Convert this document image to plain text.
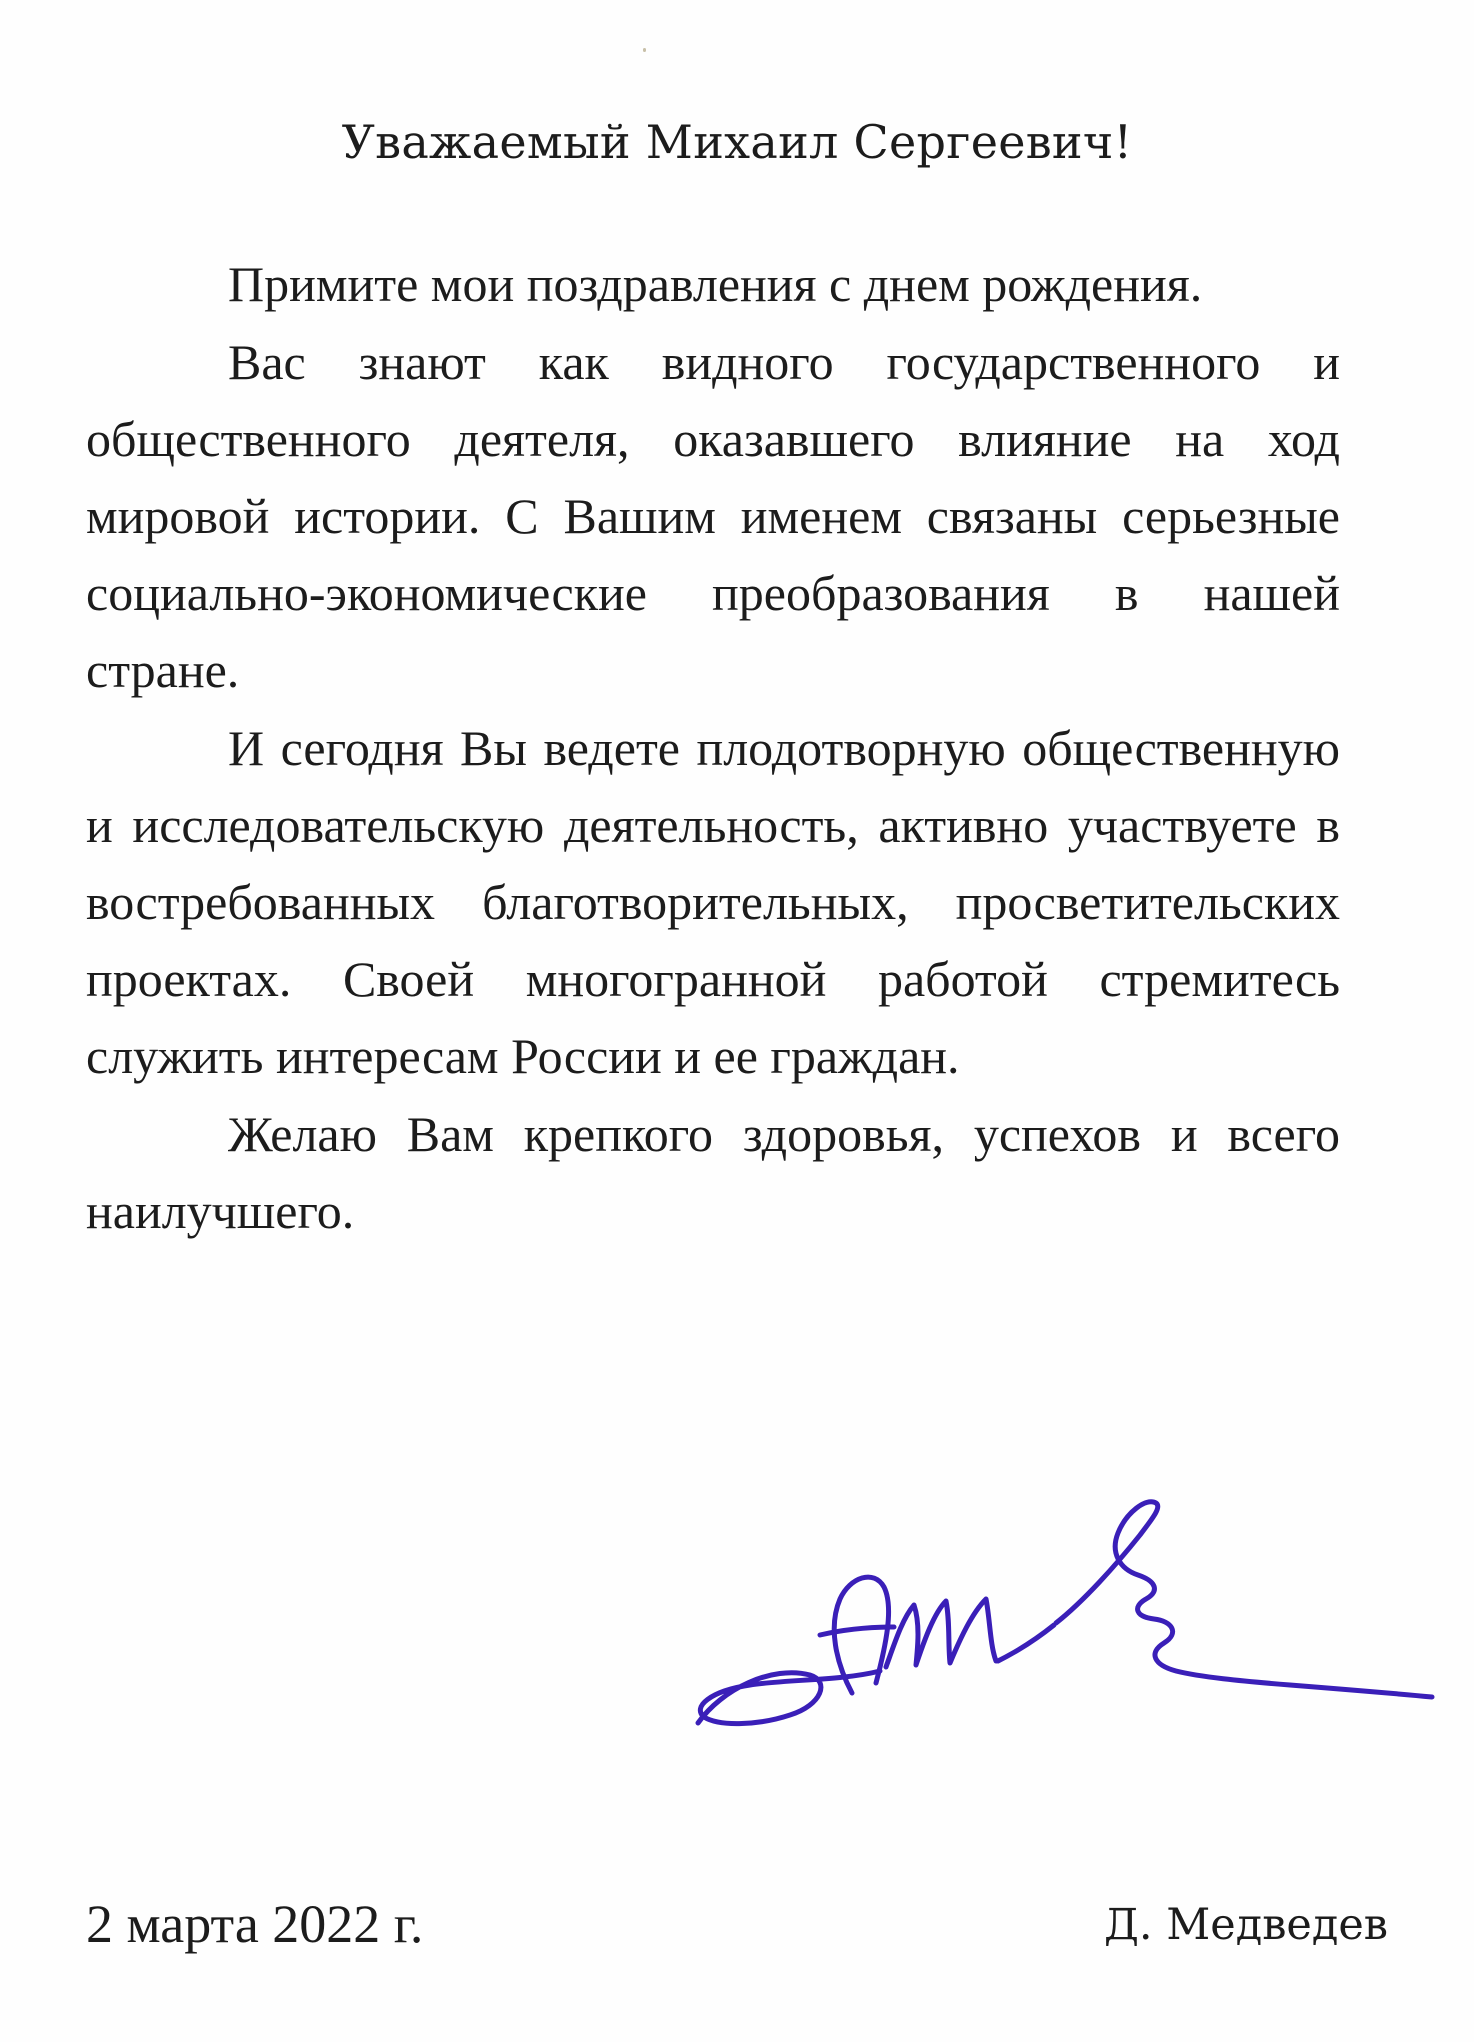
Уважаемый Михаил Сергеевич!

Примите мои поздравления с днем рождения.

Вас знают как видного государственного и общественного деятеля, оказавшего влияние на ход мировой истории. С Вашим именем связаны серьезные социально-экономические преобразования в нашей стране.

И сегодня Вы ведете плодотворную общественную и исследовательскую деятельность, активно участвуете в востребованных благотворительных, просветительских проектах. Своей многогранной работой стремитесь служить интересам России и ее граждан.

Желаю Вам крепкого здоровья, успехов и всего наилучшего.

2 марта 2022 г.	Д. Медведев
